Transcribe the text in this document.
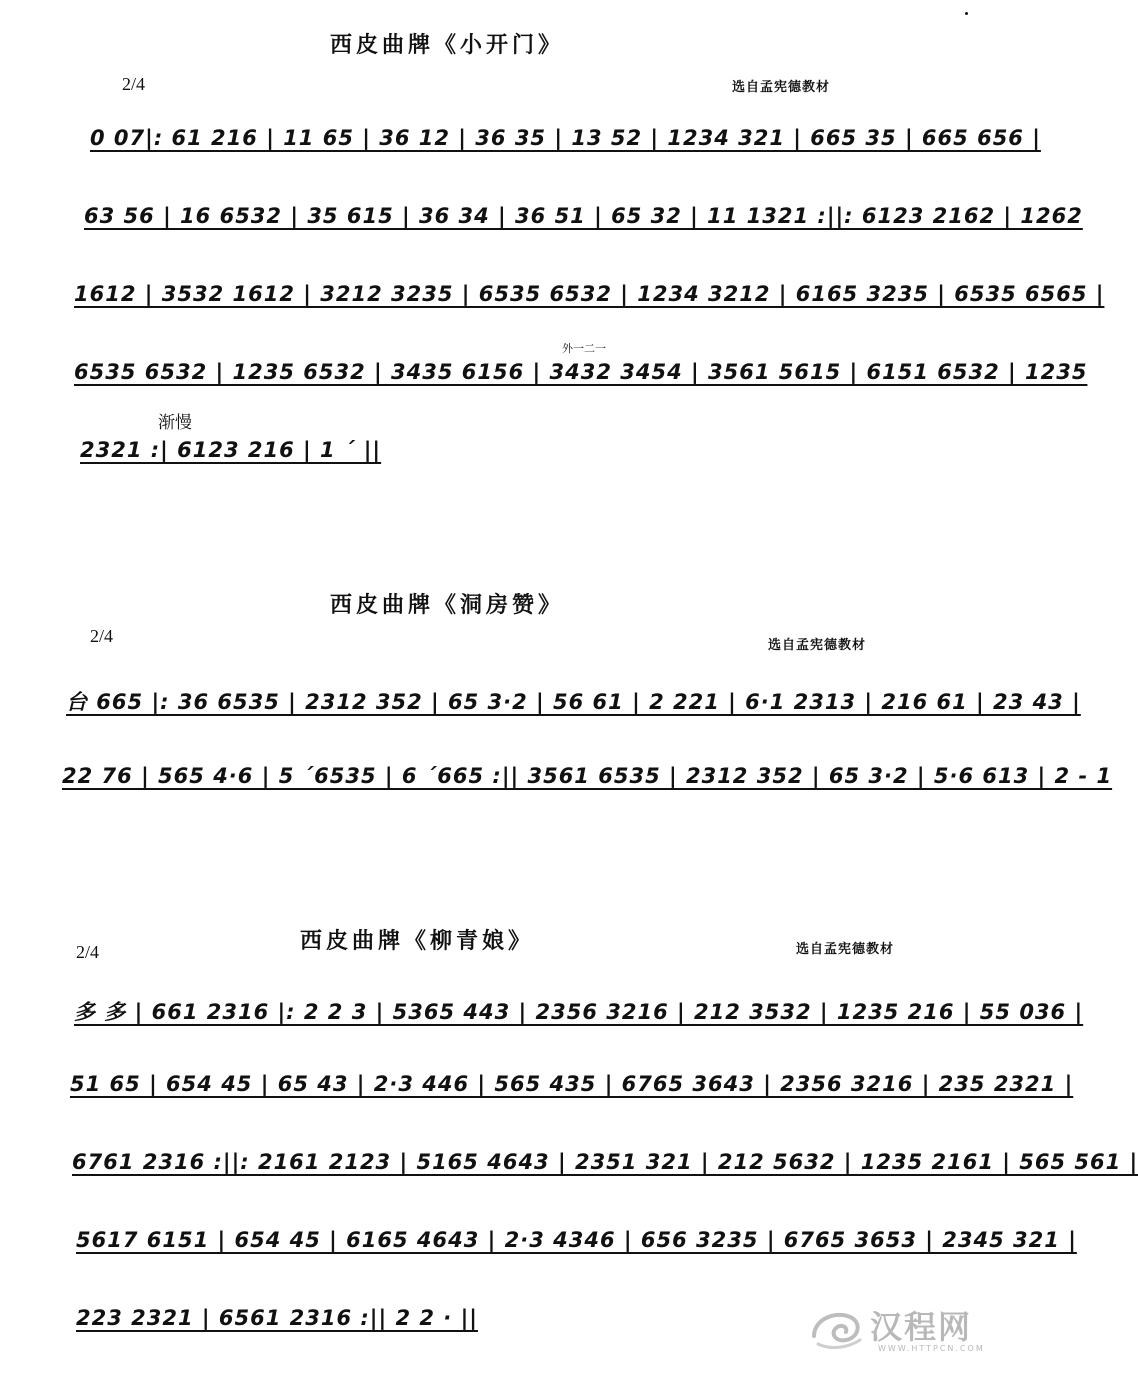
西皮曲牌《小开门》
2/4	选自孟宪德教材
0 07|: 61 216 | 11 65 | 36 12 | 36 35 | 13 52 | 1234 321 | 665 35 | 665 656 |
63 56 | 16 6532 | 35 615 | 36 34 | 36 51 | 65 32 | 11 1321 :||: 6123 2162 | 1262
1612 | 3532 1612 | 3212 3235 | 6535 6532 | 1234 3212 | 6165 3235 | 6535 6565 |
外一二一
6535 6532 | 1235 6532 | 3435 6156 | 3432 3454 | 3561 5615 | 6151 6532 | 1235
渐慢
2321 :| 6123 216 | 1 ˊ ||
西皮曲牌《洞房赞》
2/4	选自孟宪德教材
台 665 |: 36 6535 | 2312 352 | 65 3·2 | 56 61 | 2 221 | 6·1 2313 | 216 61 | 23 43 |
22 76 | 565 4·6 | 5 ˊ6535 | 6 ˊ665 :|| 3561 6535 | 2312 352 | 65 3·2 | 5·6 613 | 2 - 1
西皮曲牌《柳青娘》
2/4	选自孟宪德教材
多 多 | 661 2316 |: 2 2 3 | 5365 443 | 2356 3216 | 212 3532 | 1235 216 | 55 036 |
51 65 | 654 45 | 65 43 | 2·3 446 | 565 435 | 6765 3643 | 2356 3216 | 235 2321 |
6761 2316 :||: 2161 2123 | 5165 4643 | 2351 321 | 212 5632 | 1235 2161 | 565 561 |
5617 6151 | 654 45 | 6165 4643 | 2·3 4346 | 656 3235 | 6765 3653 | 2345 321 |
223 2321 | 6561 2316 :|| 2 2 · ||	汉程网
WWW.HTTPCN.COM
